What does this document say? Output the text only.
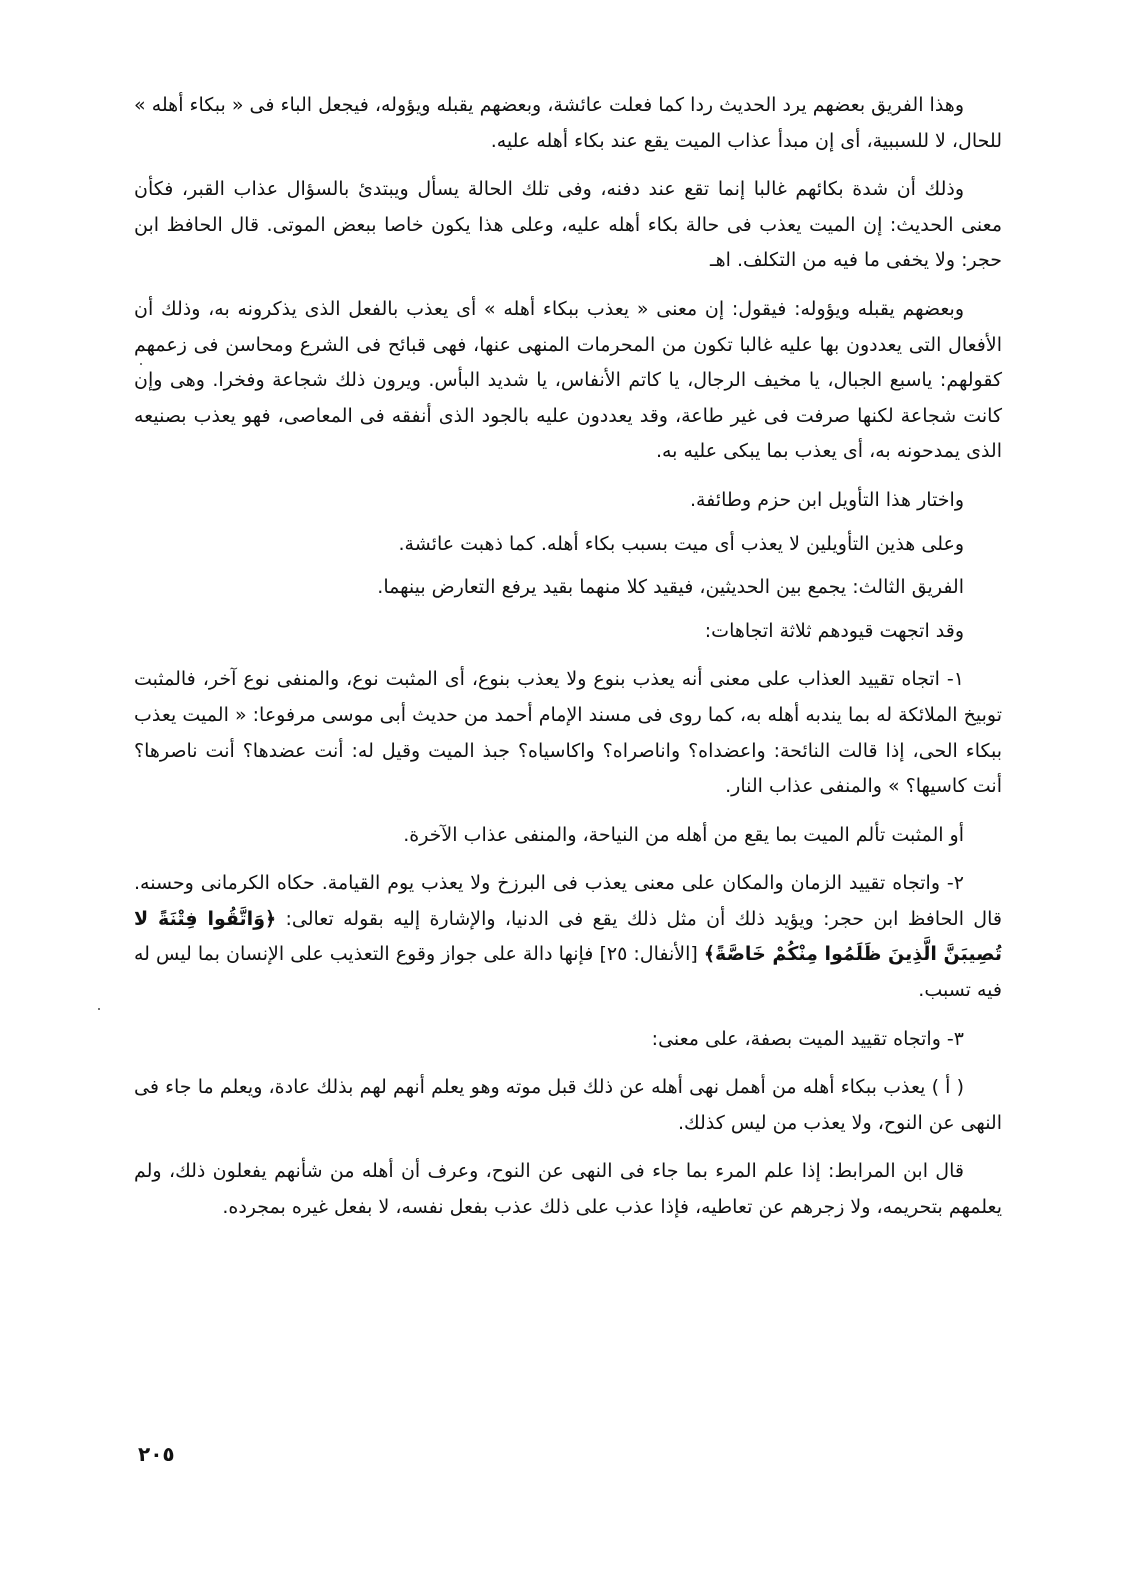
وهذا الفريق بعضهم يرد الحديث ردا كما فعلت عائشة، وبعضهم يقبله ويؤوله، فيجعل الباء فى « ببكاء أهله » للحال، لا للسببية، أى إن مبدأ عذاب الميت يقع عند بكاء أهله عليه.

وذلك أن شدة بكائهم غالبا إنما تقع عند دفنه، وفى تلك الحالة يسأل ويبتدئ بالسؤال عذاب القبر، فكأن معنى الحديث: إن الميت يعذب فى حالة بكاء أهله عليه، وعلى هذا يكون خاصا ببعض الموتى. قال الحافظ ابن حجر: ولا يخفى ما فيه من التكلف. اهـ

وبعضهم يقبله ويؤوله: فيقول: إن معنى « يعذب ببكاء أهله » أى يعذب بالفعل الذى يذكرونه به، وذلك أن الأفعال التى يعددون بها عليه غالبا تكون من المحرمات المنهى عنها، فهى قبائح فى الشرع ومحاسن فى زعمهم كقولهم: ياسبع الجبال، يا مخيف الرجال، يا كاتم الأنفاس، يا شديد البأس. ويرون ذلك شجاعة وفخرا. وهى وإن كانت شجاعة لكنها صرفت فى غير طاعة، وقد يعددون عليه بالجود الذى أنفقه فى المعاصى، فهو يعذب بصنيعه الذى يمدحونه به، أى يعذب بما يبكى عليه به.

واختار هذا التأويل ابن حزم وطائفة.

وعلى هذين التأويلين لا يعذب أى ميت بسبب بكاء أهله. كما ذهبت عائشة.

الفريق الثالث: يجمع بين الحديثين، فيقيد كلا منهما بقيد يرفع التعارض بينهما.

وقد اتجهت قيودهم ثلاثة اتجاهات:

١- اتجاه تقييد العذاب على معنى أنه يعذب بنوع ولا يعذب بنوع، أى المثبت نوع، والمنفى نوع آخر، فالمثبت توبيخ الملائكة له بما يندبه أهله به، كما روى فى مسند الإمام أحمد من حديث أبى موسى مرفوعا: « الميت يعذب ببكاء الحى، إذا قالت النائحة: واعضداه؟ واناصراه؟ واكاسياه؟ جبذ الميت وقيل له: أنت عضدها؟ أنت ناصرها؟ أنت كاسيها؟ » والمنفى عذاب النار.

أو المثبت تألم الميت بما يقع من أهله من النياحة، والمنفى عذاب الآخرة.

٢- واتجاه تقييد الزمان والمكان على معنى يعذب فى البرزخ ولا يعذب يوم القيامة. حكاه الكرمانى وحسنه. قال الحافظ ابن حجر: ويؤيد ذلك أن مثل ذلك يقع فى الدنيا، والإشارة إليه بقوله تعالى: ﴿وَاتَّقُوا فِتْنَةً لا تُصِيبَنَّ الَّذِينَ ظَلَمُوا مِنْكُمْ خَاصَّةً﴾ [الأنفال: ٢٥] فإنها دالة على جواز وقوع التعذيب على الإنسان بما ليس له فيه تسبب.

٣- واتجاه تقييد الميت بصفة، على معنى:

( أ ) يعذب ببكاء أهله من أهمل نهى أهله عن ذلك قبل موته وهو يعلم أنهم لهم بذلك عادة، ويعلم ما جاء فى النهى عن النوح، ولا يعذب من ليس كذلك.

قال ابن المرابط: إذا علم المرء بما جاء فى النهى عن النوح، وعرف أن أهله من شأنهم يفعلون ذلك، ولم يعلمهم بتحريمه، ولا زجرهم عن تعاطيه، فإذا عذب على ذلك عذب بفعل نفسه، لا بفعل غيره بمجرده.

٢٠٥
